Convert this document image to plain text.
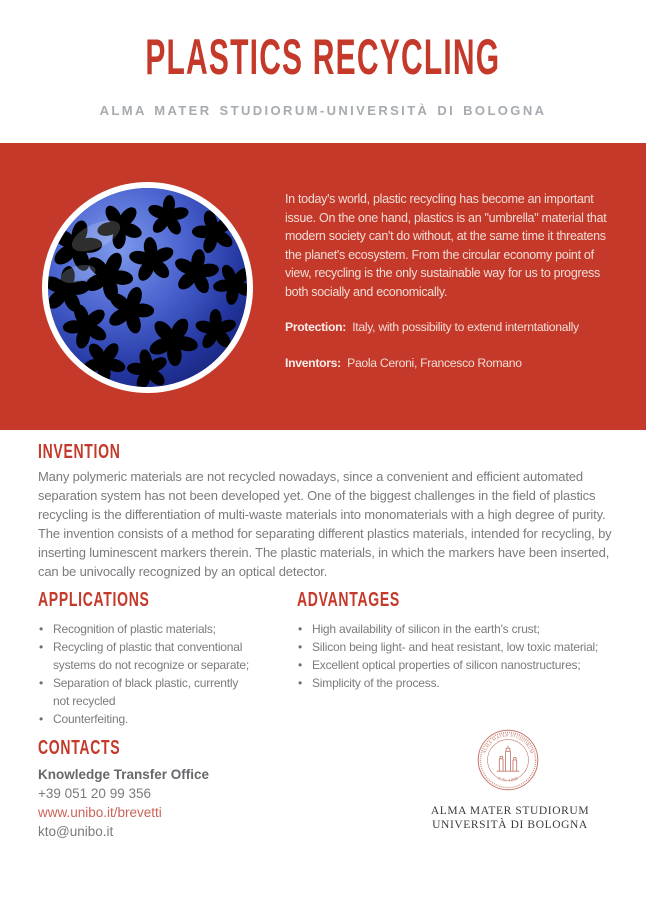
PLASTICS RECYCLING
ALMA MATER STUDIORUM-UNIVERSITÀ DI BOLOGNA

In today's world, plastic recycling has become an important issue. On the one hand, plastics is an "umbrella" material that modern society can't do without, at the same time it threatens the planet's ecosystem. From the circular economy point of view, recycling is the only sustainable way for us to progress both socially and economically.

Protection: Italy, with possibility to extend interntationally

Inventors: Paola Ceroni, Francesco Romano

INVENTION

Many polymeric materials are not recycled nowadays, since a convenient and efficient automated separation system has not been developed yet. One of the biggest challenges in the field of plastics recycling is the differentiation of multi-waste materials into monomaterials with a high degree of purity. The invention consists of a method for separating different plastics materials, intended for recycling, by inserting luminescent markers therein. The plastic materials, in which the markers have been inserted, can be univocally recognized by an optical detector.

APPLICATIONS
• Recognition of plastic materials;
• Recycling of plastic that conventional systems do not recognize or separate;
• Separation of black plastic, currently not recycled
• Counterfeiting.
ADVANTAGES
• High availability of silicon in the earth's crust;
• Silicon being light- and heat resistant, low toxic material;
• Excellent optical properties of silicon nanostructures;
• Simplicity of the process.
CONTACTS
Knowledge Transfer Office
+39 051 20 99 356
www.unibo.it/brevetti
kto@unibo.it
ALMA MATER STUDIORUM
A.D. 1088
ALMA MATER STUDIORUM
UNIVERSITÀ DI BOLOGNA
